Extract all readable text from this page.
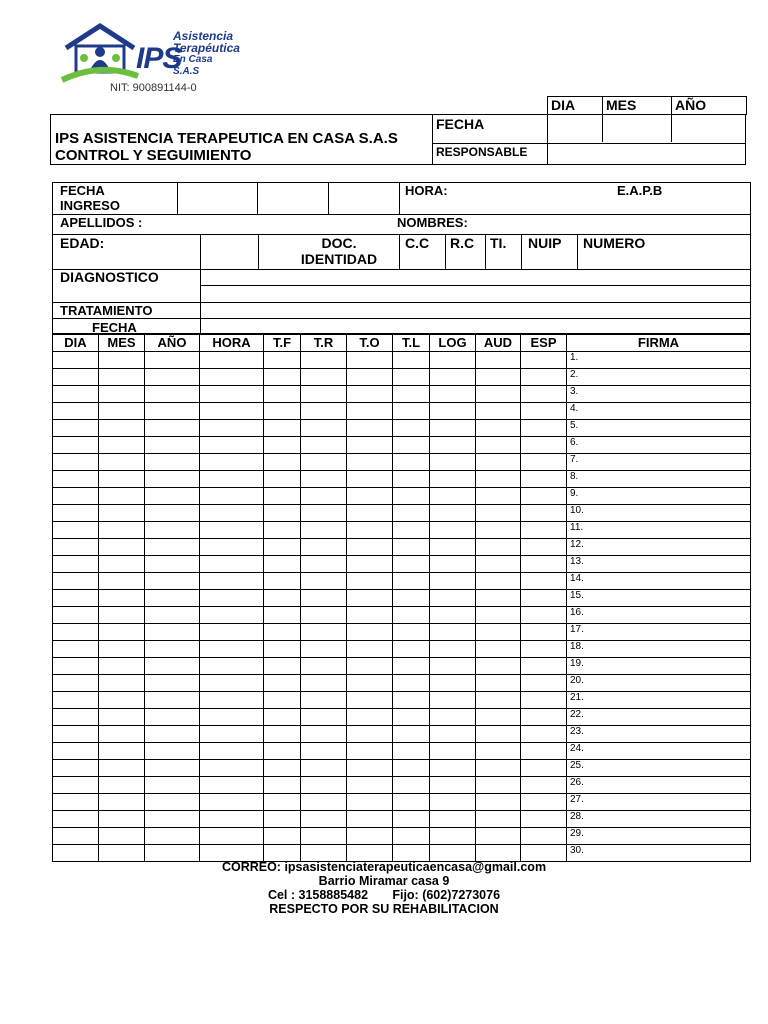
IPS
Asistencia
Terapéutica
En Casa S.A.S
NIT: 900891144-0
DIA	MES	AÑO
IPS ASISTENCIA TERAPEUTICA EN CASA S.A.S
CONTROL Y SEGUIMIENTO
FECHA
RESPONSABLE
FECHA INGRESO
HORA:	E.A.P.B
APELLIDOS :	NOMBRES:
EDAD:	DOC. IDENTIDAD
C.C R.C TI. NUIP NUMERO
DIAGNOSTICO
TRATAMIENTO
FECHA
DIA	MES	AÑO	HORA	T.F	T.R	T.O	T.L	LOG	AUD	ESP	FIRMA
											1.
											2.
											3.
											4.
											5.
											6.
											7.
											8.
											9.
											10.
											11.
											12.
											13.
											14.
											15.
											16.
											17.
											18.
											19.
											20.
											21.
											22.
											23.
											24.
											25.
											26.
											27.
											28.
											29.
											30.
CORREO: ipsasistenciaterapeuticaencasa@gmail.com
Barrio Miramar casa 9
Cel : 3158885482 Fijo: (602)7273076
RESPECTO POR SU REHABILITACION
